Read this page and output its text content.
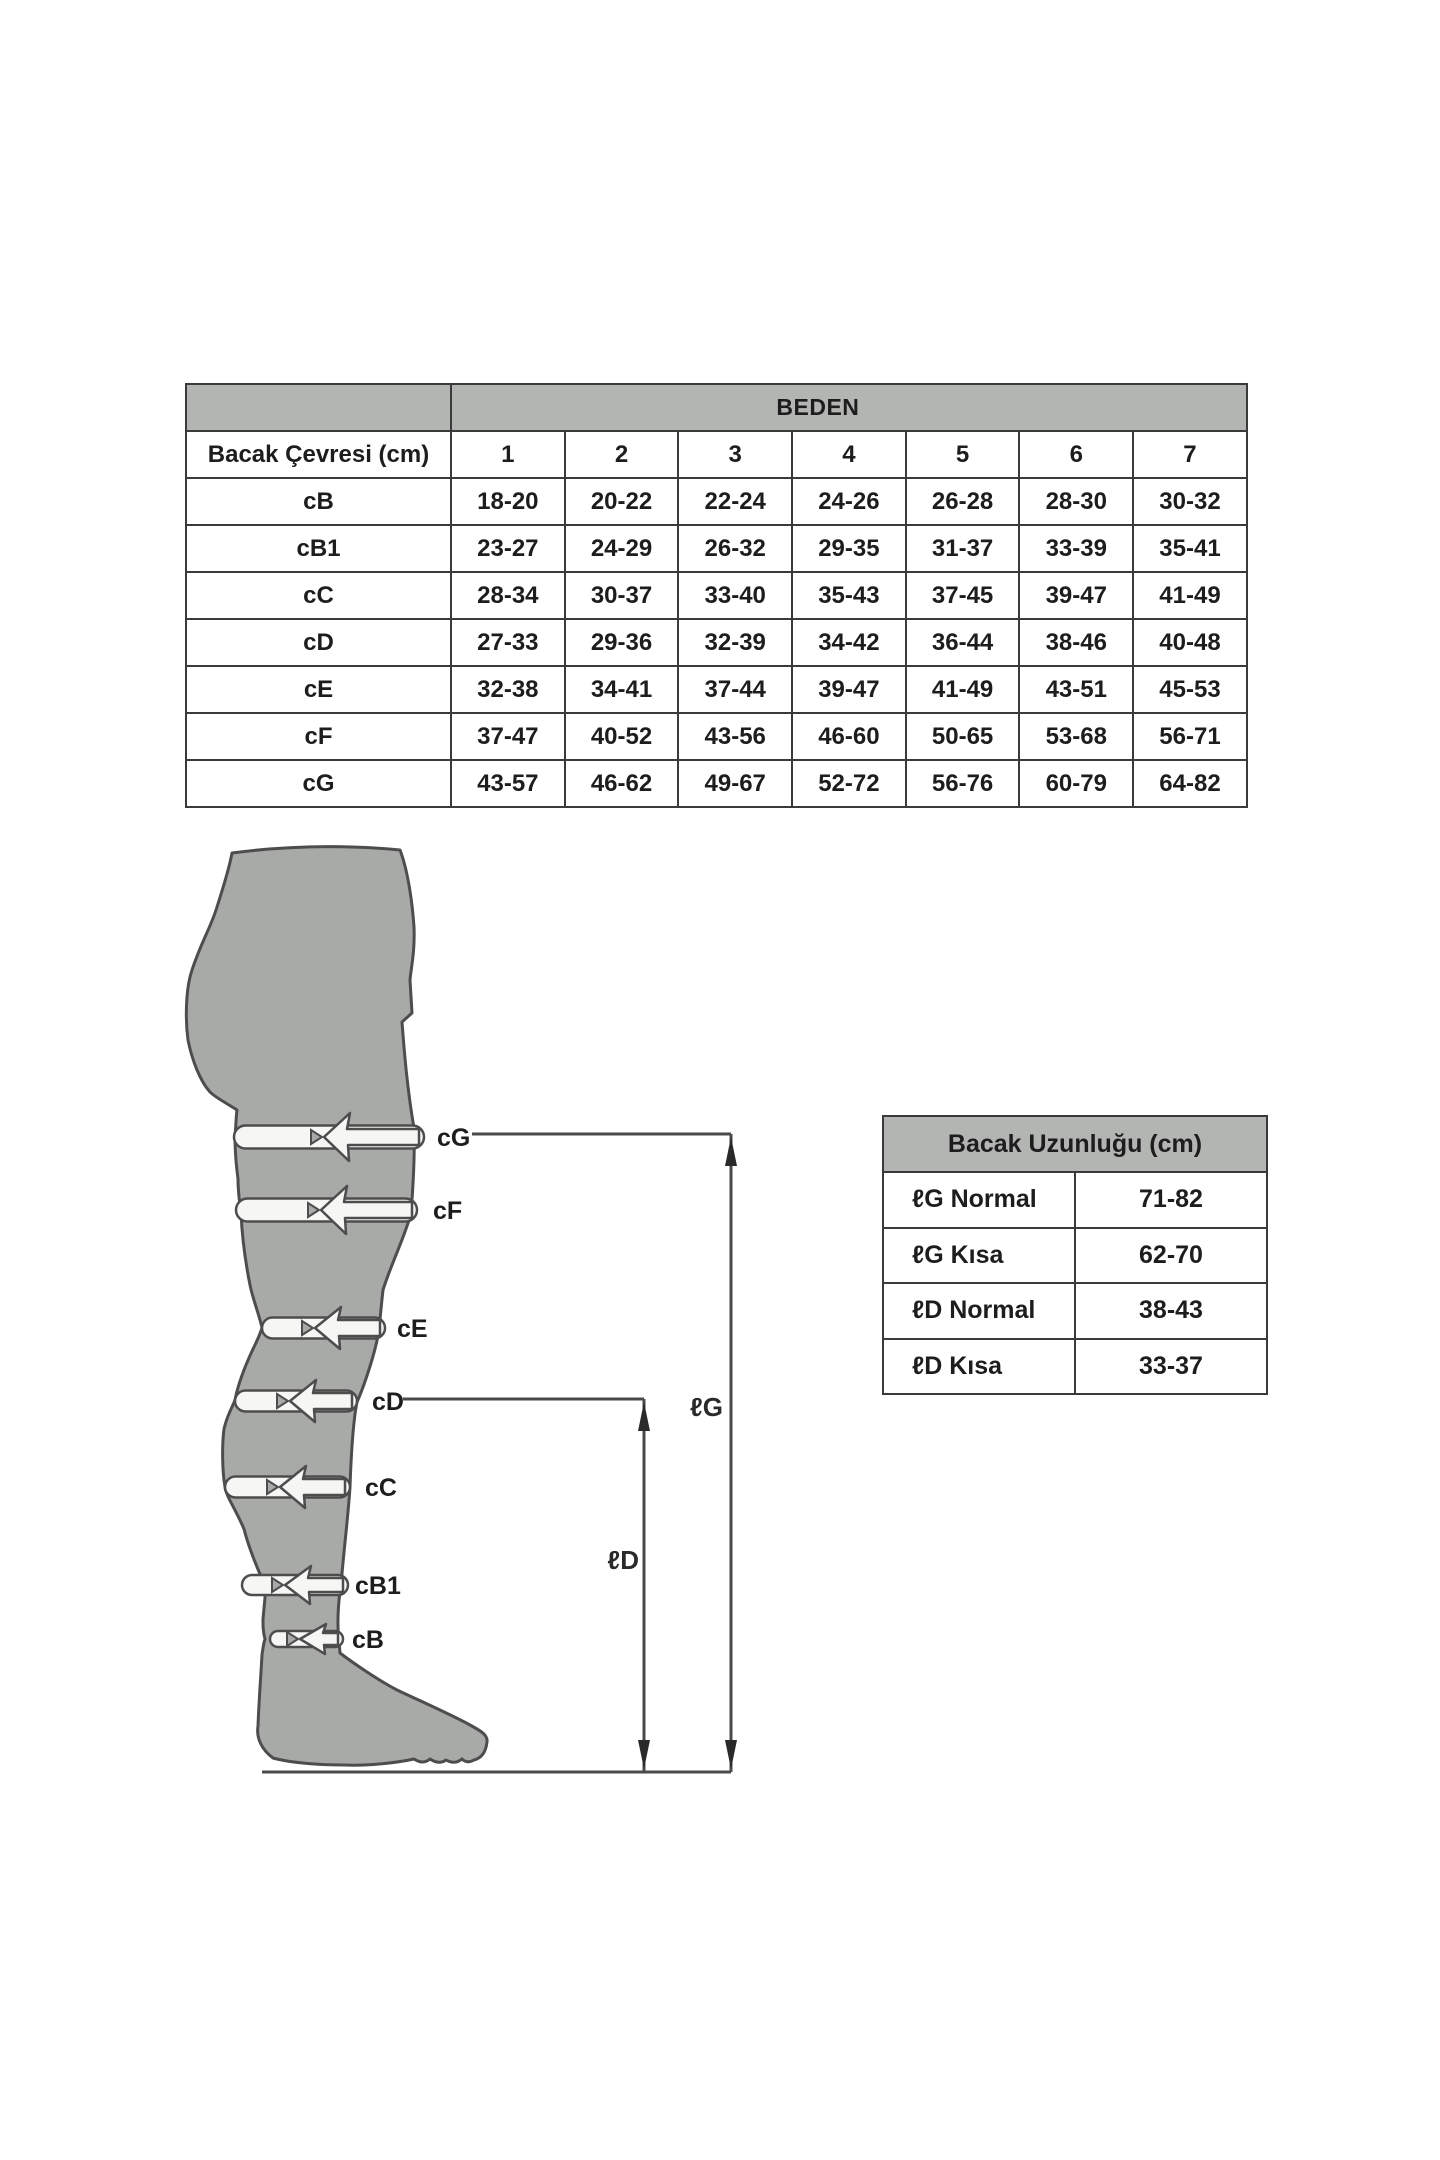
	BEDEN						
Bacak Çevresi (cm)	1	2	3	4	5	6	7
cB	18-20	20-22	22-24	24-26	26-28	28-30	30-32
cB1	23-27	24-29	26-32	29-35	31-37	33-39	35-41
cC	28-34	30-37	33-40	35-43	37-45	39-47	41-49
cD	27-33	29-36	32-39	34-42	36-44	38-46	40-48
cE	32-38	34-41	37-44	39-47	41-49	43-51	45-53
cF	37-47	40-52	43-56	46-60	50-65	53-68	56-71
cG	43-57	46-62	49-67	52-72	56-76	60-79	64-82
cG
cF
cE
cD
cC
cB1
cB
ℓG
ℓD
Bacak Uzunluğu (cm)	
ℓG Normal	71-82
ℓG Kısa	62-70
ℓD Normal	38-43
ℓD Kısa	33-37
